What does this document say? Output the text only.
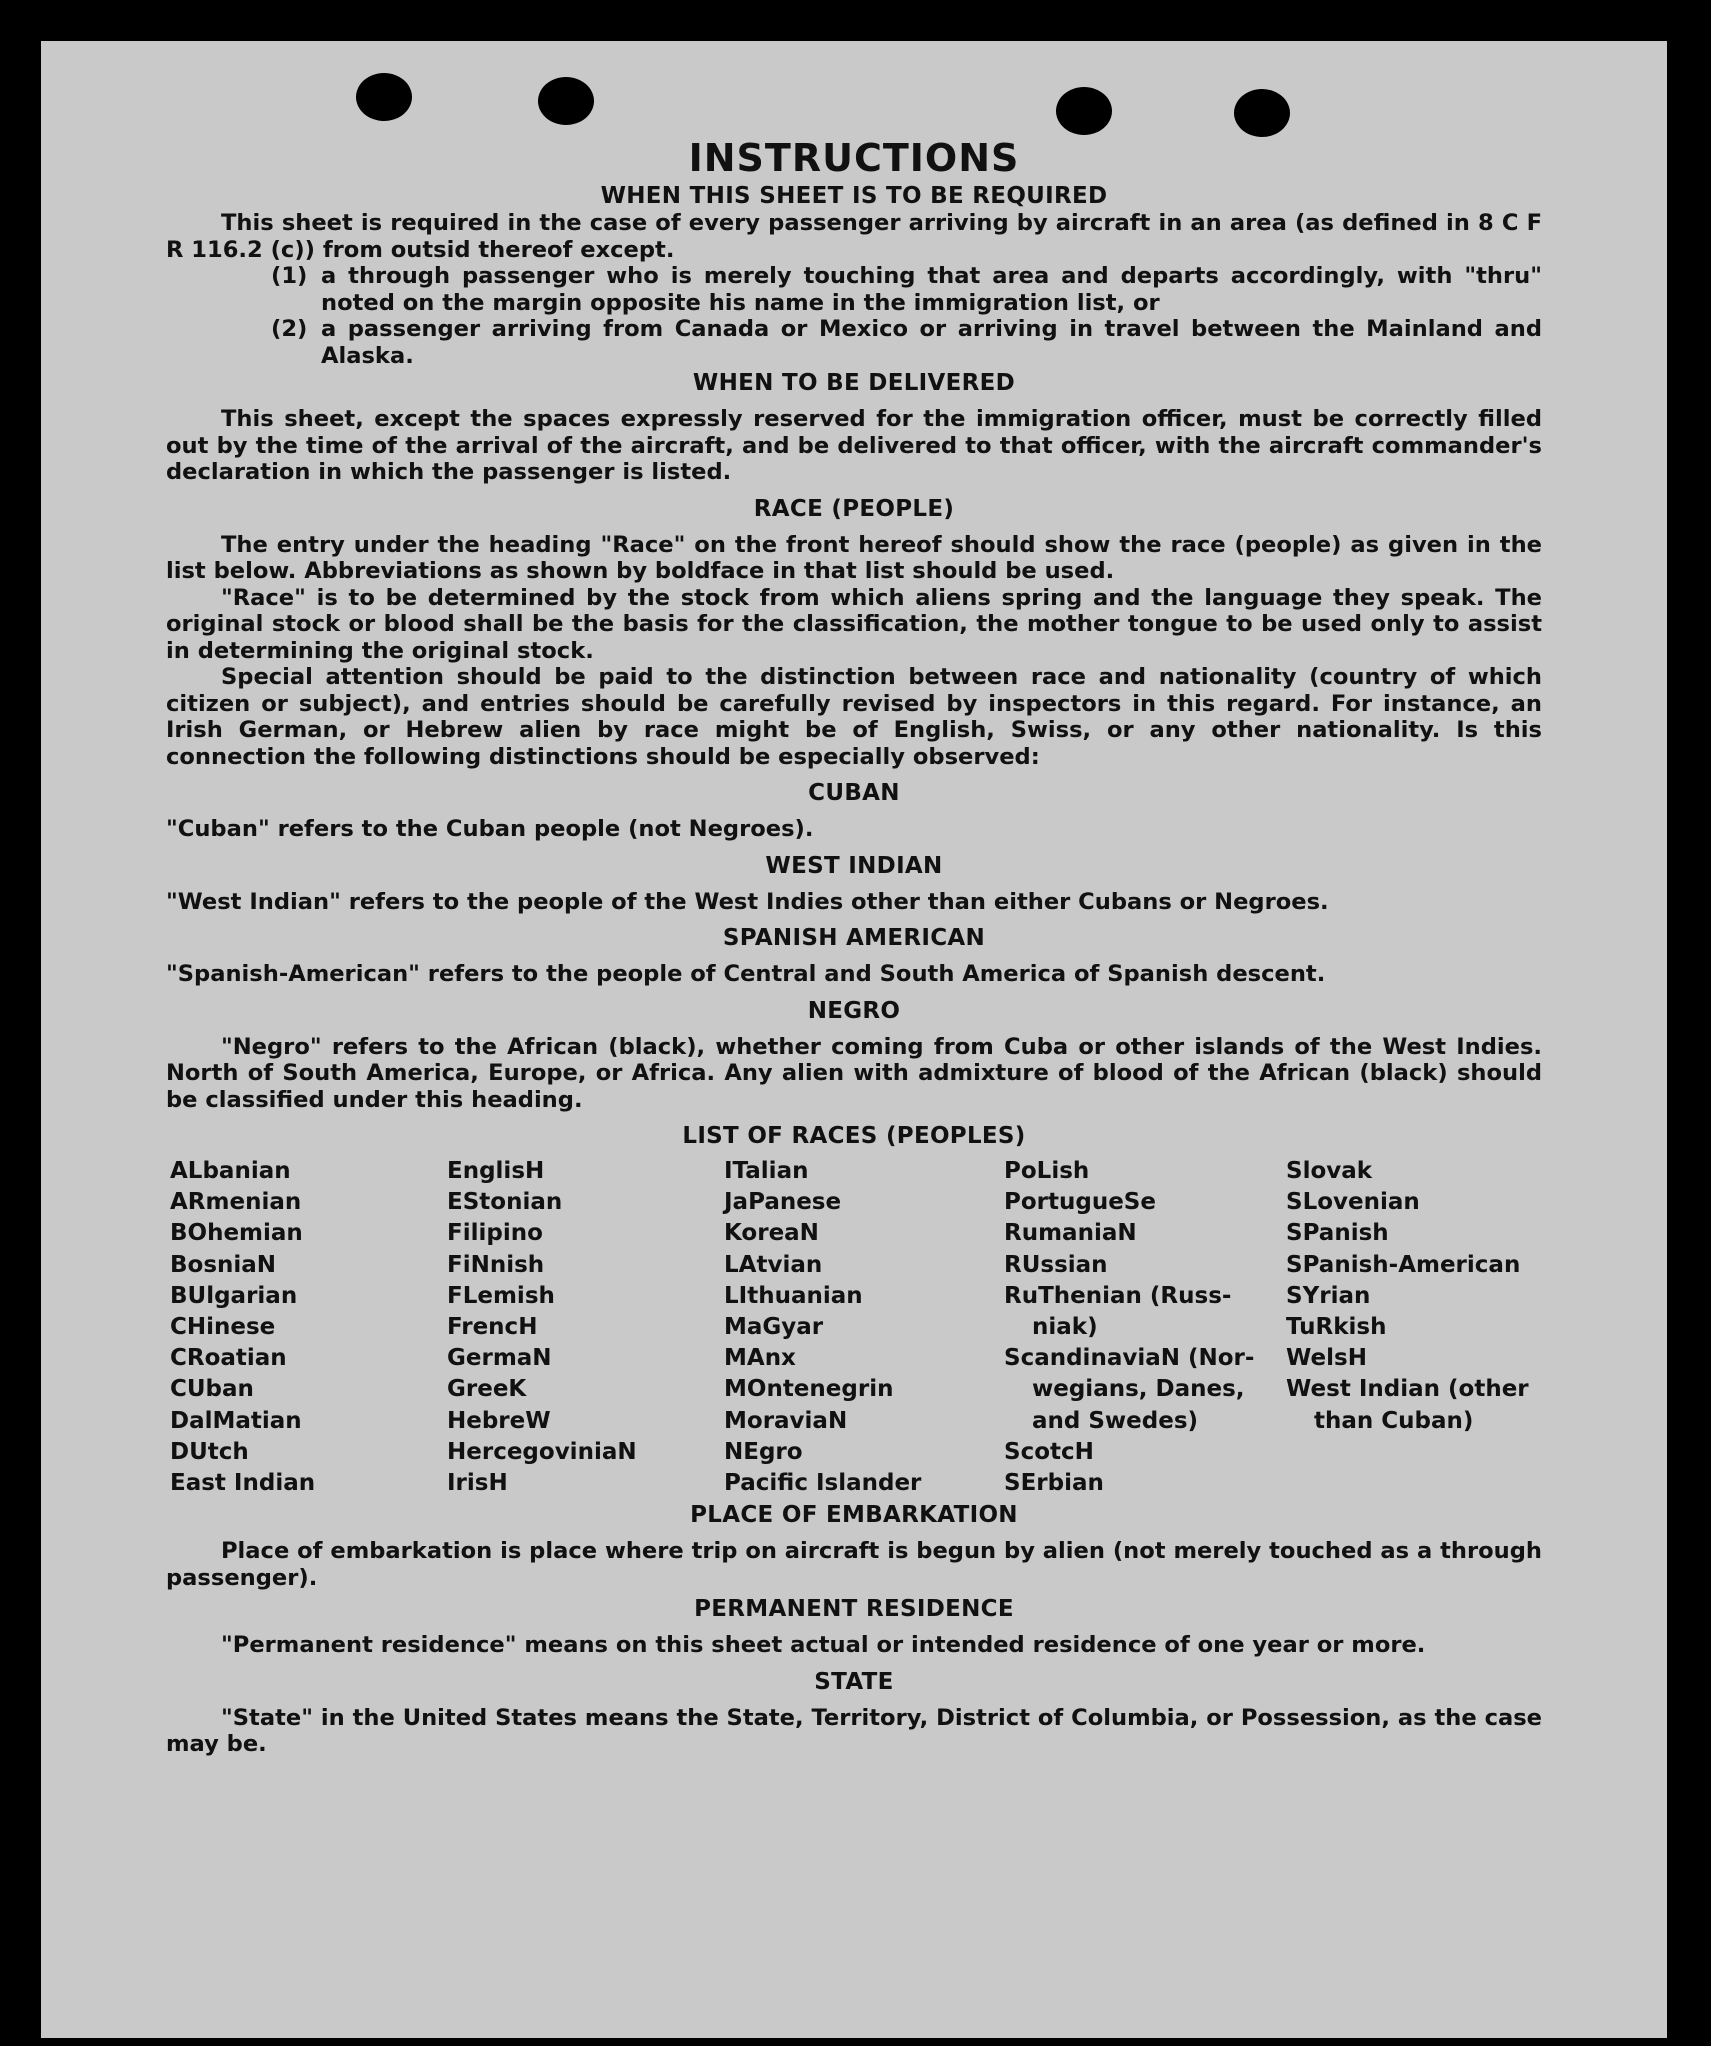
INSTRUCTIONS
WHEN THIS SHEET IS TO BE REQUIRED

This sheet is required in the case of every passenger arriving by aircraft in an area (as defined in 8 C F R 116.2 (c)) from outsid thereof except.

(1) a through passenger who is merely touching that area and departs accordingly, with "thru" noted on the margin opposite his name in the immigration list, or
(2) a passenger arriving from Canada or Mexico or arriving in travel between the Mainland and Alaska.
WHEN TO BE DELIVERED

This sheet, except the spaces expressly reserved for the immigration officer, must be correctly filled out by the time of the arrival of the aircraft, and be delivered to that officer, with the aircraft commander's declaration in which the passenger is listed.

RACE (PEOPLE)

The entry under the heading "Race" on the front hereof should show the race (people) as given in the list below. Abbreviations as shown by boldface in that list should be used.

"Race" is to be determined by the stock from which aliens spring and the language they speak. The original stock or blood shall be the basis for the classification, the mother tongue to be used only to assist in determining the original stock.

Special attention should be paid to the distinction between race and nationality (country of which citizen or subject), and entries should be carefully revised by inspectors in this regard. For instance, an Irish German, or Hebrew alien by race might be of English, Swiss, or any other nationality. Is this connection the following distinctions should be especially observed:

CUBAN

"Cuban" refers to the Cuban people (not Negroes).

WEST INDIAN

"West Indian" refers to the people of the West Indies other than either Cubans or Negroes.

SPANISH AMERICAN

"Spanish-American" refers to the people of Central and South America of Spanish descent.

NEGRO

"Negro" refers to the African (black), whether coming from Cuba or other islands of the West Indies. North of South America, Europe, or Africa. Any alien with admixture of blood of the African (black) should be classified under this heading.

LIST OF RACES (PEOPLES)
ALbanian
ARmenian
BOhemian
BosniaN
BUlgarian
CHinese
CRoatian
CUban
DalMatian
DUtch
East Indian
EnglisH
EStonian
Filipino
FiNnish
FLemish
FrencH
GermaN
GreeK
HebreW
HercegoviniaN
IrisH
ITalian
JaPanese
KoreaN
LAtvian
LIthuanian
MaGyar
MAnx
MOntenegrin
MoraviaN
NEgro
Pacific Islander
PoLish
PortugueSe
RumaniaN
RUssian
RuThenian (Russ-
niak)
ScandinaviaN (Nor-
wegians, Danes,
and Swedes)
ScotcH
SErbian
Slovak
SLovenian
SPanish
SPanish-American
SYrian
TuRkish
WelsH
West Indian (other
than Cuban)
PLACE OF EMBARKATION

Place of embarkation is place where trip on aircraft is begun by alien (not merely touched as a through passenger).

PERMANENT RESIDENCE

"Permanent residence" means on this sheet actual or intended residence of one year or more.

STATE

"State" in the United States means the State, Territory, District of Columbia, or Possession, as the case may be.
